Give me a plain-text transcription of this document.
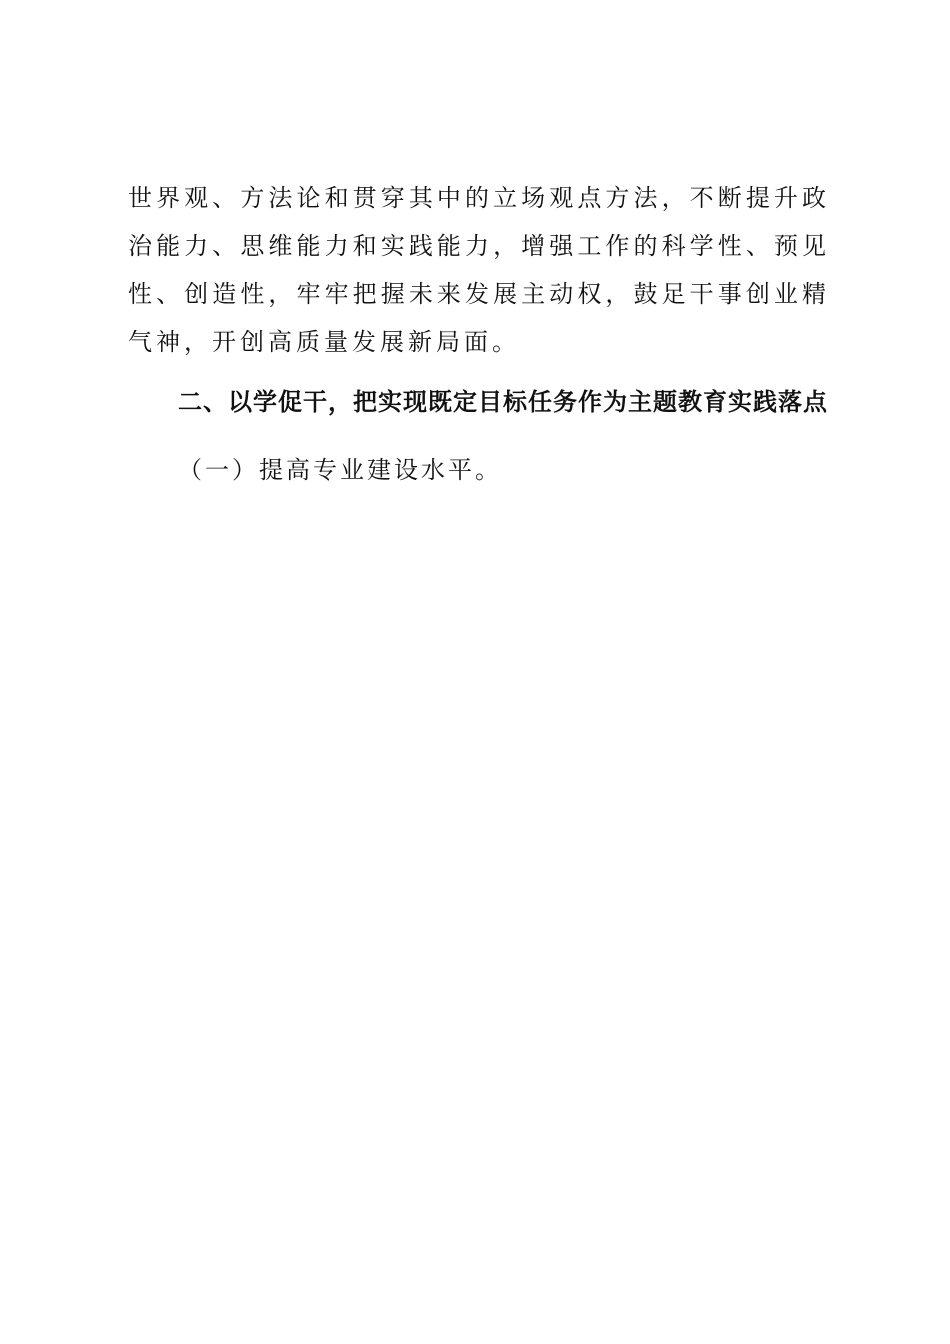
世界观、方法论和贯穿其中的立场观点方法，不断提升政治能力、思维能力和实践能力，增强工作的科学性、预见性、创造性，牢牢把握未来发展主动权，鼓足干事创业精气神，开创高质量发展新局面。

二、以学促干，把实现既定目标任务作为主题教育实践落点

（一）提高专业建设水平。
